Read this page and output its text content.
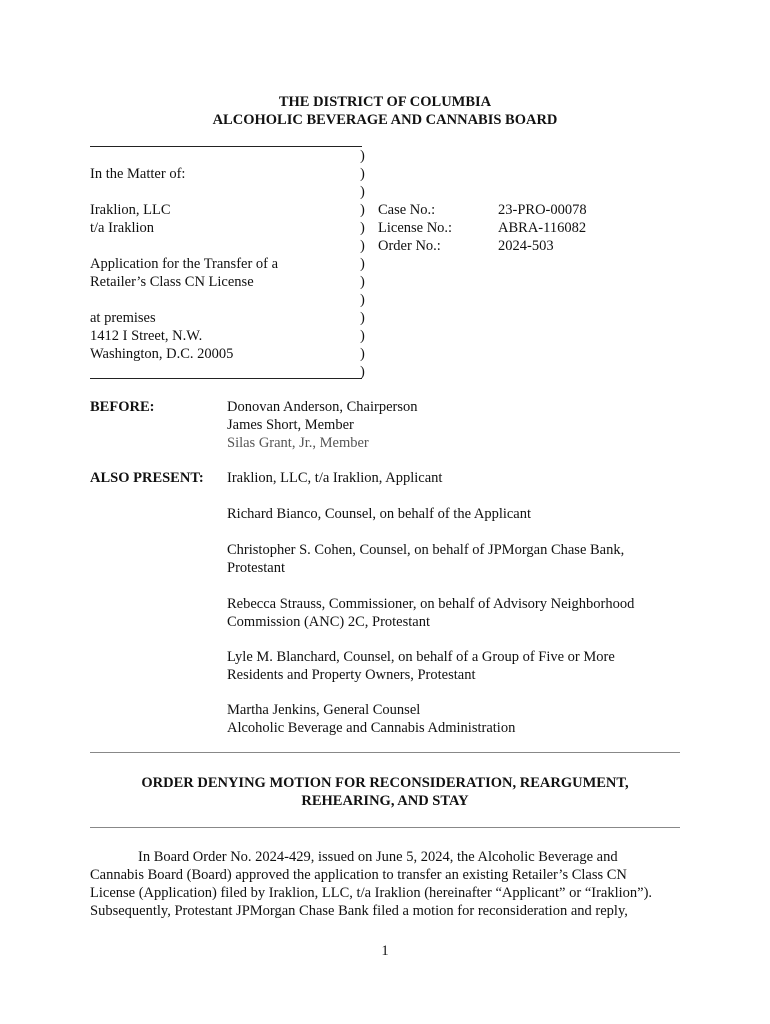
THE DISTRICT OF COLUMBIA
ALCOHOLIC BEVERAGE AND CANNABIS BOARD
)
)
)
)
)
)
)
)
)
)
)
)
)
In the Matter of:
Iraklion, LLC
t/a Iraklion
Application for the Transfer of a
Retailer’s Class CN License
at premises
1412 I Street, N.W.
Washington, D.C. 20005
Case No.:	23-PRO-00078
License No.:	ABRA-116082
Order No.:	2024-503
BEFORE:	Donovan Anderson, Chairperson
James Short, Member
Silas Grant, Jr., Member
ALSO PRESENT: Iraklion, LLC, t/a Iraklion, Applicant
Richard Bianco, Counsel, on behalf of the Applicant
Christopher S. Cohen, Counsel, on behalf of JPMorgan Chase Bank,
Protestant
Rebecca Strauss, Commissioner, on behalf of Advisory Neighborhood
Commission (ANC) 2C, Protestant
Lyle M. Blanchard, Counsel, on behalf of a Group of Five or More
Residents and Property Owners, Protestant
Martha Jenkins, General Counsel
Alcoholic Beverage and Cannabis Administration
ORDER DENYING MOTION FOR RECONSIDERATION, REARGUMENT,
REHEARING, AND STAY
In Board Order No. 2024-429, issued on June 5, 2024, the Alcoholic Beverage and
Cannabis Board (Board) approved the application to transfer an existing Retailer’s Class CN
License (Application) filed by Iraklion, LLC, t/a Iraklion (hereinafter “Applicant” or “Iraklion”).
Subsequently, Protestant JPMorgan Chase Bank filed a motion for reconsideration and reply,
1
